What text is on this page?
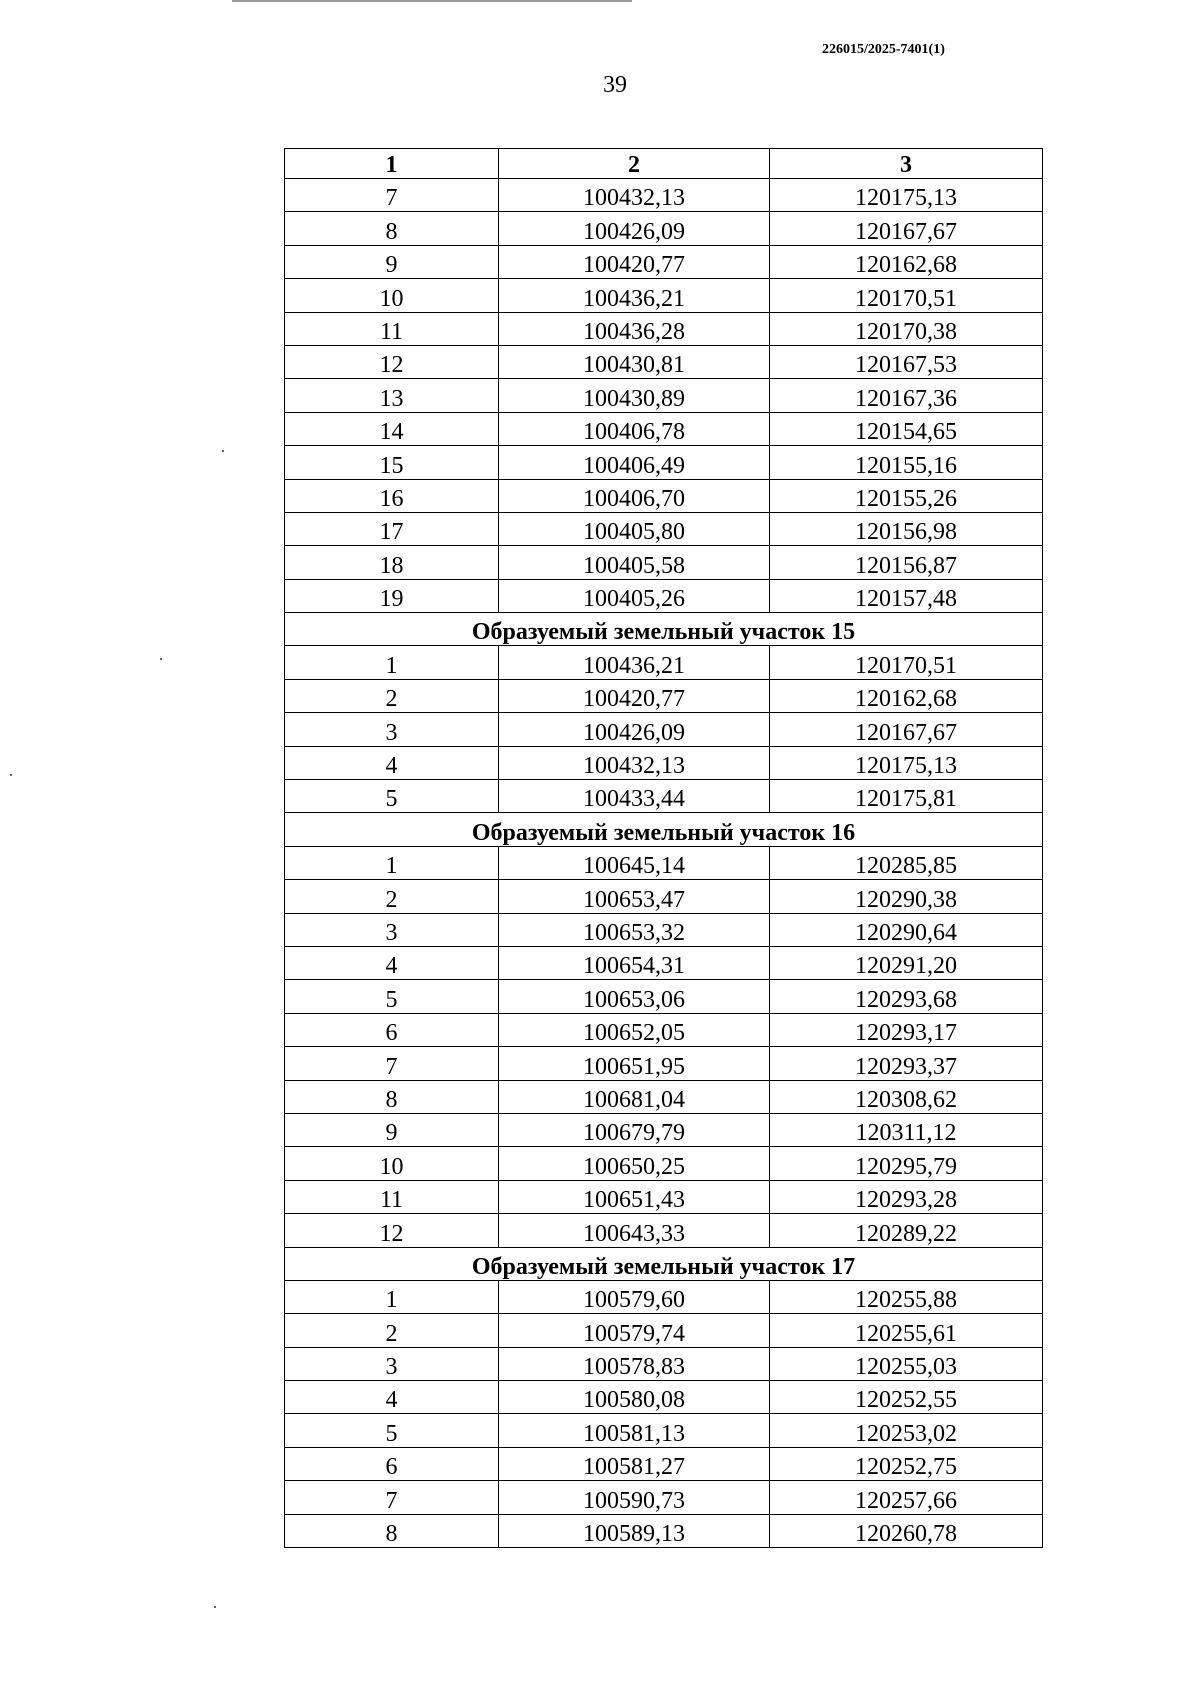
226015/2025-7401(1)
39
1	2	3
7	100432,13	120175,13
8	100426,09	120167,67
9	100420,77	120162,68
10	100436,21	120170,51
11	100436,28	120170,38
12	100430,81	120167,53
13	100430,89	120167,36
14	100406,78	120154,65
15	100406,49	120155,16
16	100406,70	120155,26
17	100405,80	120156,98
18	100405,58	120156,87
19	100405,26	120157,48
Образуемый земельный участок 15		
1	100436,21	120170,51
2	100420,77	120162,68
3	100426,09	120167,67
4	100432,13	120175,13
5	100433,44	120175,81
Образуемый земельный участок 16		
1	100645,14	120285,85
2	100653,47	120290,38
3	100653,32	120290,64
4	100654,31	120291,20
5	100653,06	120293,68
6	100652,05	120293,17
7	100651,95	120293,37
8	100681,04	120308,62
9	100679,79	120311,12
10	100650,25	120295,79
11	100651,43	120293,28
12	100643,33	120289,22
Образуемый земельный участок 17		
1	100579,60	120255,88
2	100579,74	120255,61
3	100578,83	120255,03
4	100580,08	120252,55
5	100581,13	120253,02
6	100581,27	120252,75
7	100590,73	120257,66
8	100589,13	120260,78
